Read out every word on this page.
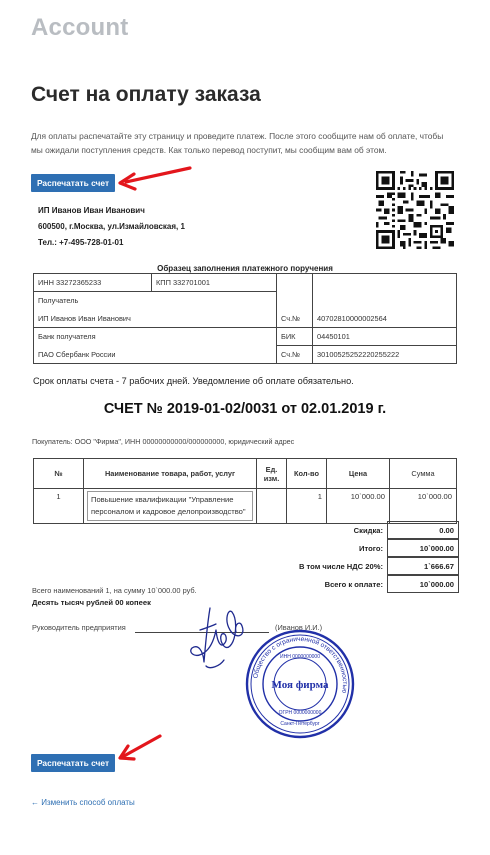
Account
Счет на оплату заказа
Для оплаты распечатайте эту страницу и проведите платеж. После этого сообщите нам об оплате, чтобы мы ожидали поступления средств. Как только перевод поступит, мы сообщим вам об этом.
Распечатать счет
ИП Иванов Иван Иванович
600500, г.Москва, ул.Измайловская, 1
Тел.: +7-495-728-01-01
Образец заполнения платежного поручения
ИНН 33272365233	КПП 332701001		
Получатель			
ИП Иванов Иван Иванович		Сч.№	40702810000002564
Банк получателя		БИК	04450101
ПАО Сбербанк России		Сч.№	30100525252220255222
Срок оплаты счета - 7 рабочих дней. Уведомление об оплате обязательно.
СЧЕТ № 2019-01-02/0031 от 02.01.2019 г.
Покупатель: ООО "Фирма", ИНН 00000000000/000000000, юридический адрес
№	Наименование товара, работ, услуг	Ед. изм.	Кол-во	Цена	Сумма
1	Повышение квалификации "Управление персоналом и кадровое делопроизводство"		1	10`000.00	10`000.00
Скидка:	0.00
Итого:	10`000.00
В том числе НДС 20%:	1`666.67
Всего к оплате:	10`000.00
Всего наименований 1, на сумму 10`000.00 руб.
Десять тысяч рублей 00 копеек
Руководитель предприятия	(Иванов И.И.)
Общество с ограниченной ответственностью
ИНН 0000000000
Моя фирма
ОГРН 0000000000
Санкт-Петербург
Распечатать счет
← Изменить способ оплаты
